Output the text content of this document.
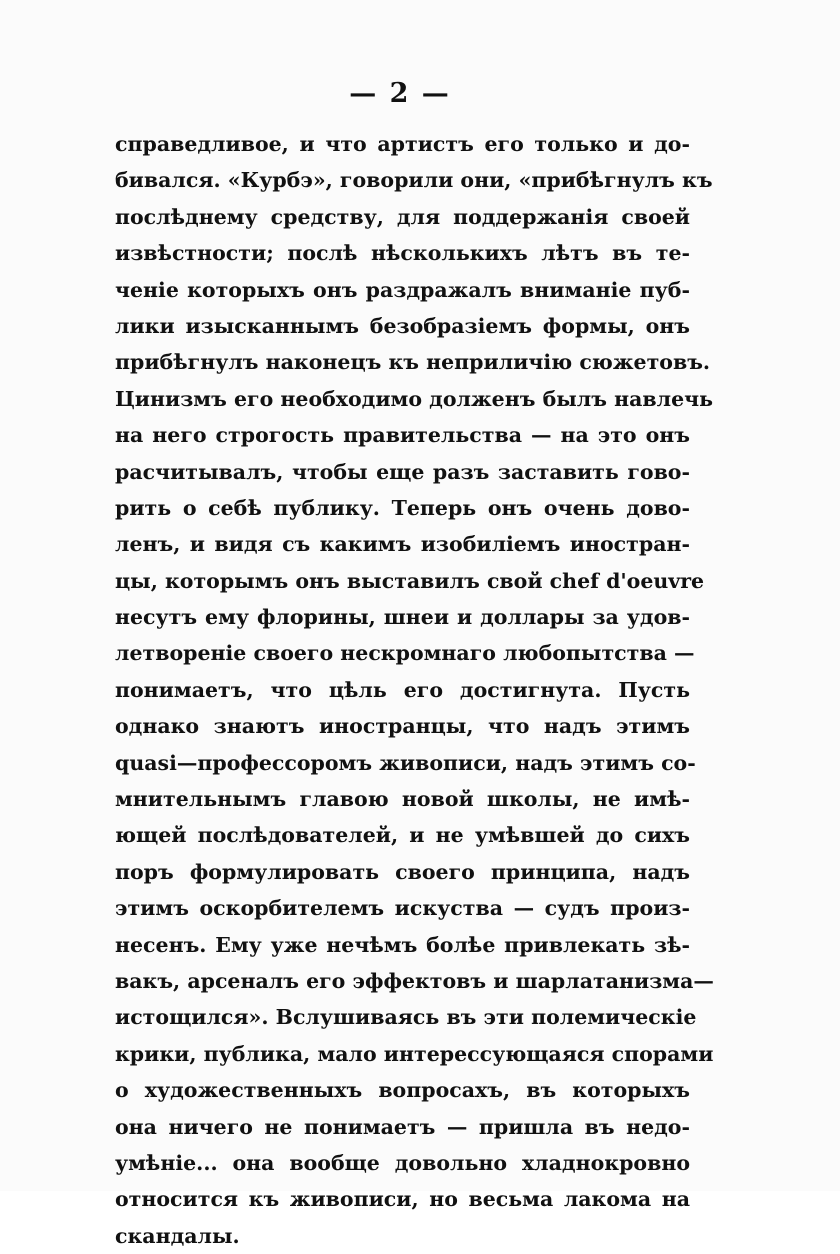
— 2 —
справедливое, и что артистъ его только и до-
бивался. «Курбэ», говорили они, «прибѣгнулъ къ
послѣднему средству, для поддержанія своей
извѣстности; послѣ нѣсколькихъ лѣтъ въ те-
ченіе которыхъ онъ раздражалъ вниманіе пуб-
лики изысканнымъ безобразіемъ формы, онъ
прибѣгнулъ наконецъ къ неприличію сюжетовъ.
Цинизмъ его необходимо долженъ былъ навлечь
на него строгость правительства — на это онъ
расчитывалъ, чтобы еще разъ заставить гово-
рить о себѣ публику. Теперь онъ очень дово-
ленъ, и видя съ какимъ изобиліемъ иностран-
цы, которымъ онъ выставилъ свой chef d'oeuvre
несутъ ему флорины, шнеи и доллары за удов-
летвореніе своего нескромнаго любопытства —
понимаетъ, что цѣль его достигнута. Пусть
однако знаютъ иностранцы, что надъ этимъ
quasi—профессоромъ живописи, надъ этимъ со-
мнительнымъ главою новой школы, не имѣ-
ющей послѣдователей, и не умѣвшей до сихъ
поръ формулировать своего принципа, надъ
этимъ оскорбителемъ искуства — судъ произ-
несенъ. Ему уже нечѣмъ болѣе привлекать зѣ-
вакъ, арсеналъ его эффектовъ и шарлатанизма—
истощился». Вслушиваясь въ эти полемическіе
крики, публика, мало интерессующаяся спорами
о художественныхъ вопросахъ, въ которыхъ
она ничего не понимаетъ — пришла въ недо-
умѣніе... она вообще довольно хладнокровно
относится къ живописи, но весьма лакома на
скандалы.
